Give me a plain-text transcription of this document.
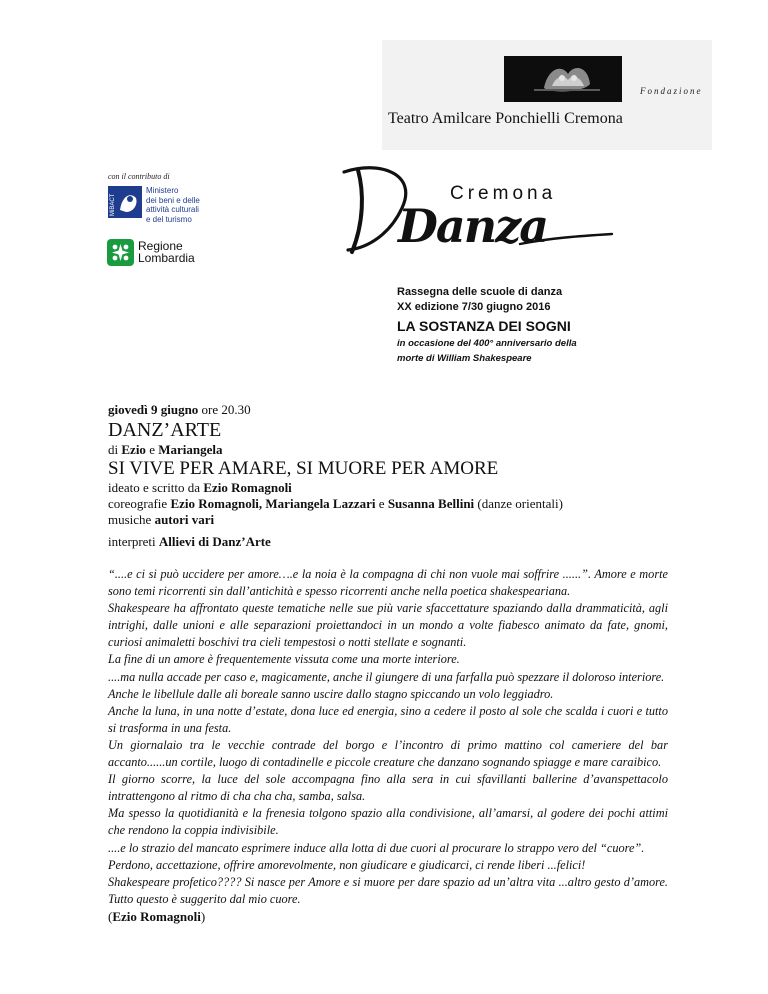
Fondazione
Teatro Amilcare Ponchielli Cremona
con il contributo di
MiBACT
Ministero
dei beni e delle
attività culturali
e del turismo
Regione
Lombardia
Danza
Cremona
Rassegna delle scuole di danza
XX edizione 7/30 giugno 2016
LA SOSTANZA DEI SOGNI
in occasione del 400° anniversario della
morte di William Shakespeare
giovedì 9 giugno ore 20.30
DANZ’ARTE
di Ezio e Mariangela
SI VIVE PER AMARE, SI MUORE PER AMORE
ideato e scritto da Ezio Romagnoli
coreografie Ezio Romagnoli, Mariangela Lazzari e Susanna Bellini (danze orientali)
musiche autori vari
interpreti Allievi di Danz’Arte

“....e ci si può uccidere per amore….e la noia è la compagna di chi non vuole mai soffrire ......”. Amore e morte sono temi ricorrenti sin dall’antichità e spesso ricorrenti anche nella poetica shakespeariana.

Shakespeare ha affrontato queste tematiche nelle sue più varie sfaccettature spaziando dalla drammaticità, agli intrighi, dalle unioni e alle separazioni proiettandoci in un mondo a volte fiabesco animato da fate, gnomi, curiosi animaletti boschivi tra cieli tempestosi o notti stellate e sognanti.

La fine di un amore è frequentemente vissuta come una morte interiore.

....ma nulla accade per caso e, magicamente, anche il giungere di una farfalla può spezzare il doloroso interiore.

Anche le libellule dalle ali boreale sanno uscire dallo stagno spiccando un volo leggiadro.

Anche la luna, in una notte d’estate, dona luce ed energia, sino a cedere il posto al sole che scalda i cuori e tutto si trasforma in una festa.

Un giornalaio tra le vecchie contrade del borgo e l’incontro di primo mattino col cameriere del bar accanto......un cortile, luogo di contadinelle e piccole creature che danzano sognando spiagge e mare caraibico.

Il giorno scorre, la luce del sole accompagna fino alla sera in cui sfavillanti ballerine d’avanspettacolo intrattengono al ritmo di cha cha cha, samba, salsa.

Ma spesso la quotidianità e la frenesia tolgono spazio alla condivisione, all’amarsi, al godere dei pochi attimi che rendono la coppia indivisibile.

....e lo strazio del mancato esprimere induce alla lotta di due cuori al procurare lo strappo vero del “cuore”.

Perdono, accettazione, offrire amorevolmente, non giudicare e giudicarci, ci rende liberi ...felici!

Shakespeare profetico???? Si nasce per Amore e si muore per dare spazio ad un’altra vita ...altro gesto d’amore. Tutto questo è suggerito dal mio cuore.

(Ezio Romagnoli)
